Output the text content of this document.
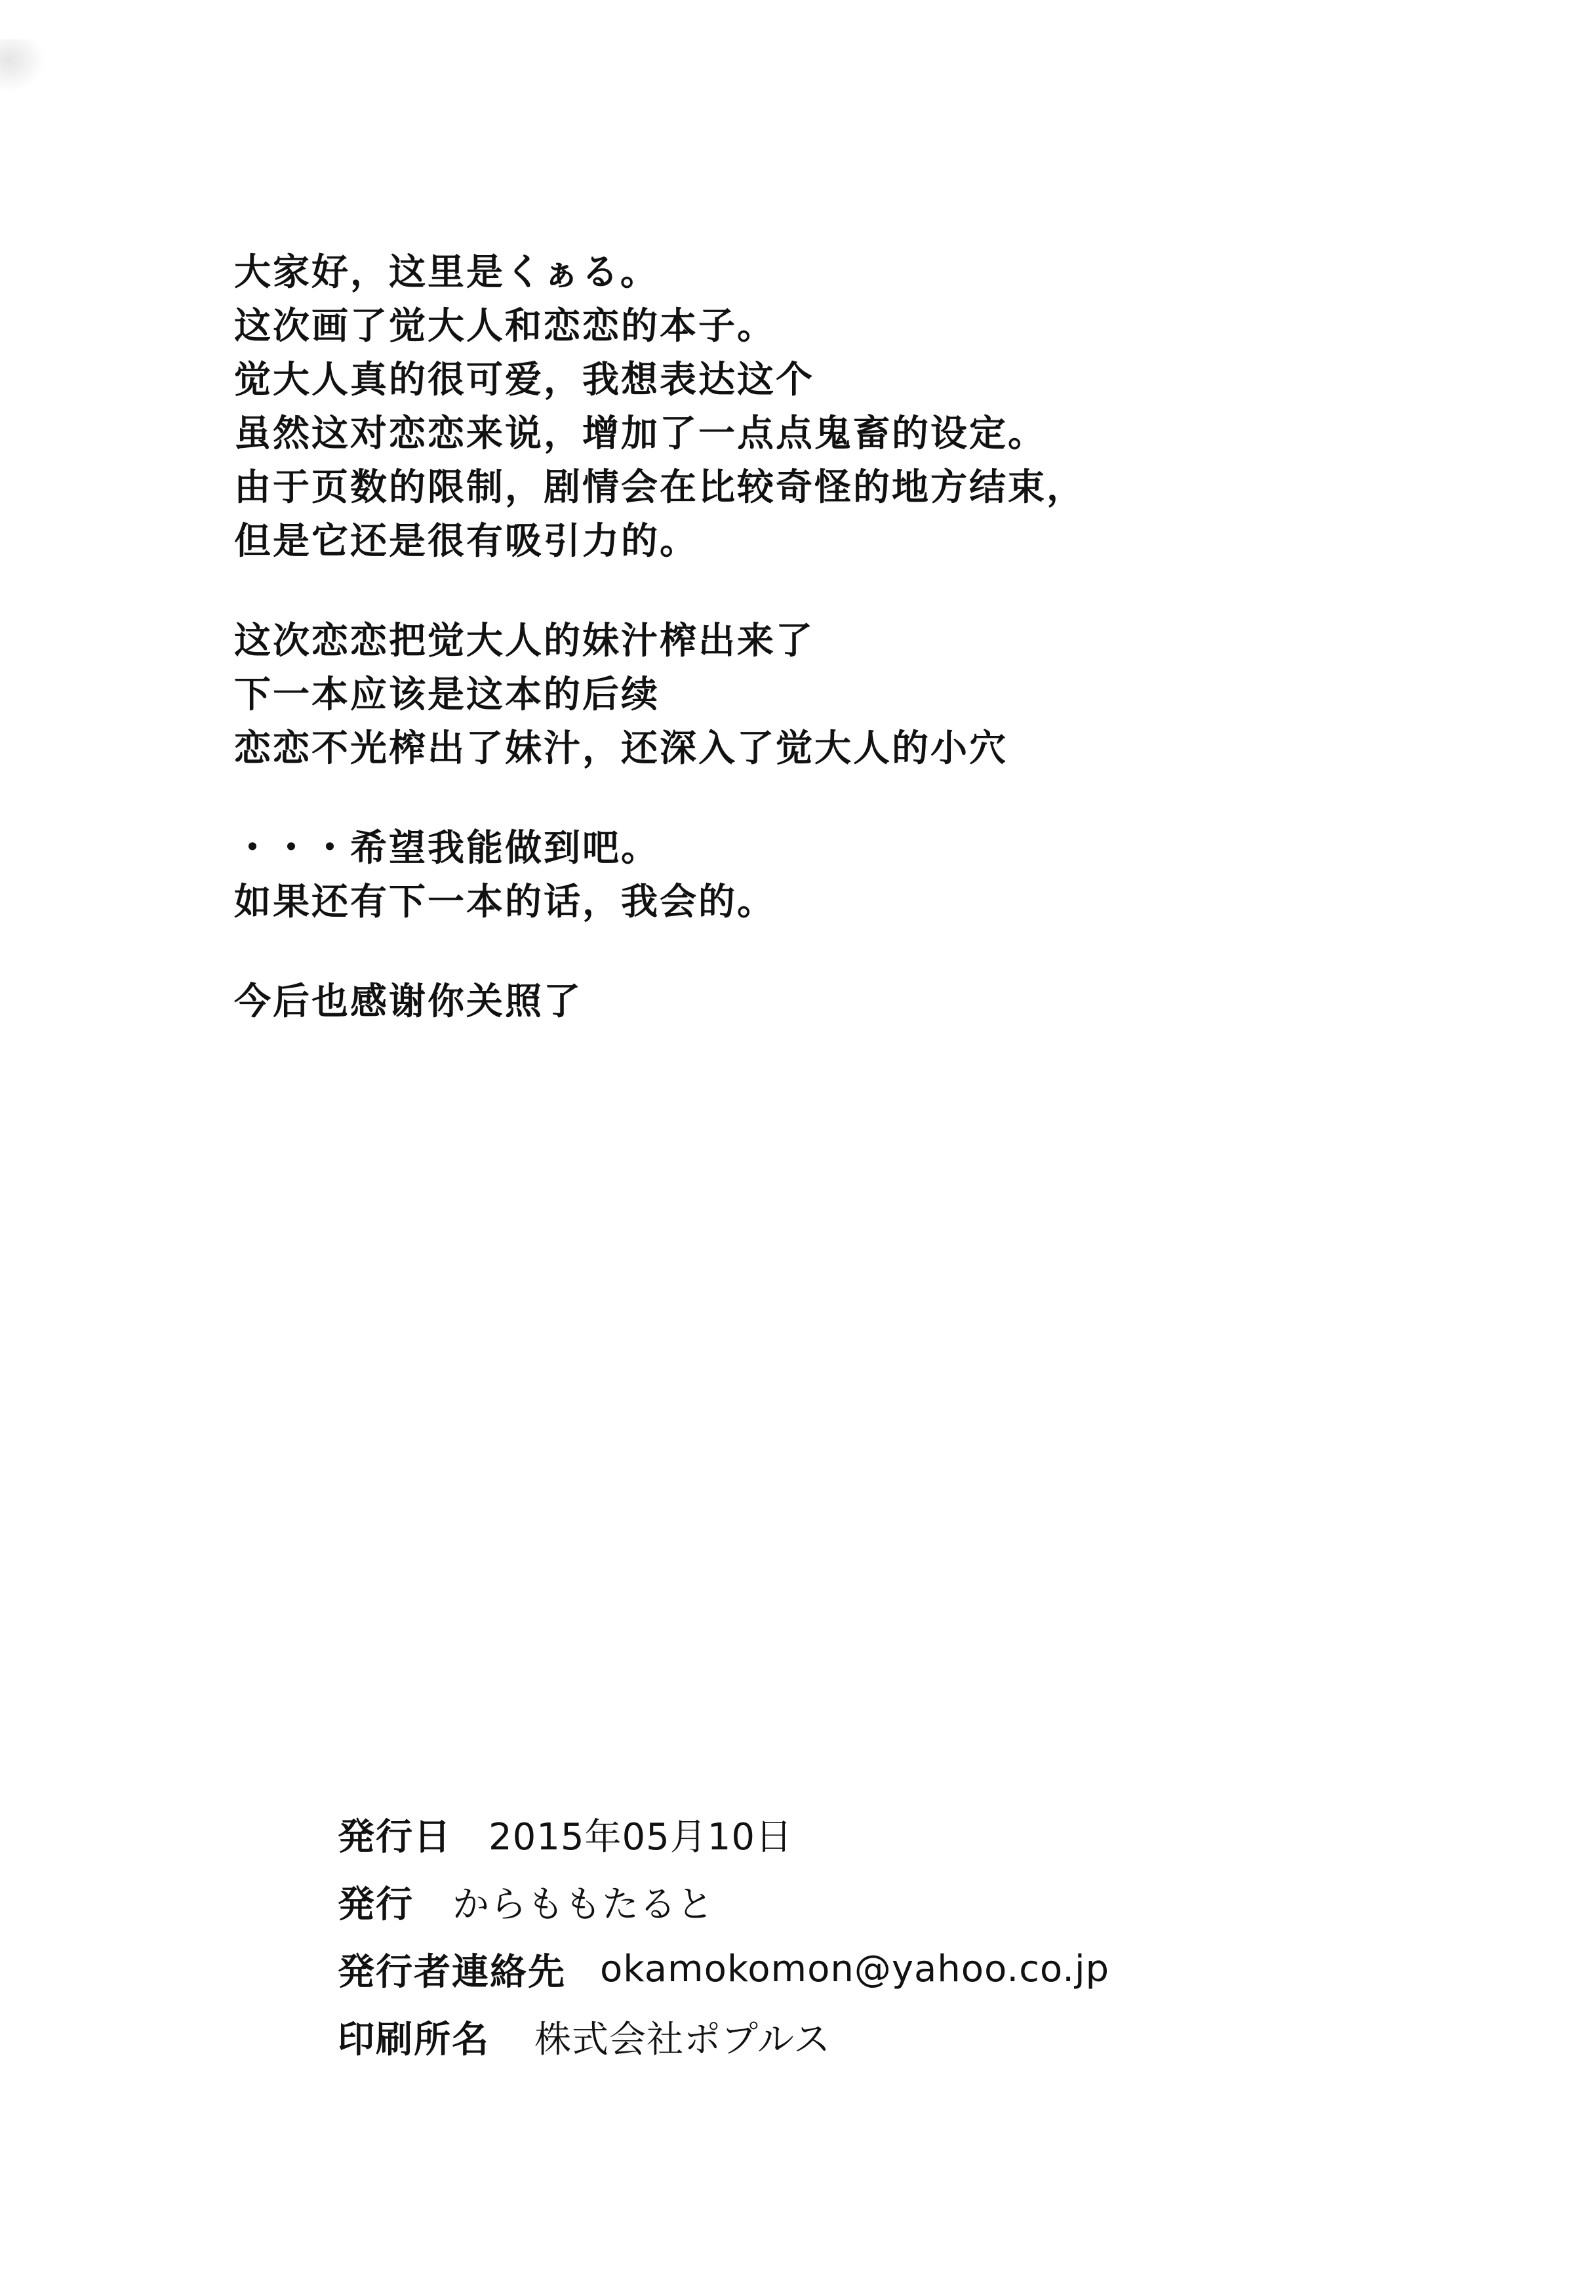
大家好，这里是くぁる。
这次画了觉大人和恋恋的本子。
觉大人真的很可爱，我想表达这个
虽然这对恋恋来说，增加了一点点鬼畜的设定。
由于页数的限制，剧情会在比较奇怪的地方结束，
但是它还是很有吸引力的。
这次恋恋把觉大人的妹汁榨出来了
下一本应该是这本的后续
恋恋不光榨出了妹汁，还深入了觉大人的小穴
・・・希望我能做到吧。
如果还有下一本的话，我会的。
今后也感谢你关照了
発行日	2015年05月10日
発行	からももたると
発行者連絡先 okamokomon@yahoo.co.jp
印刷所名	株式会社ポプルス
